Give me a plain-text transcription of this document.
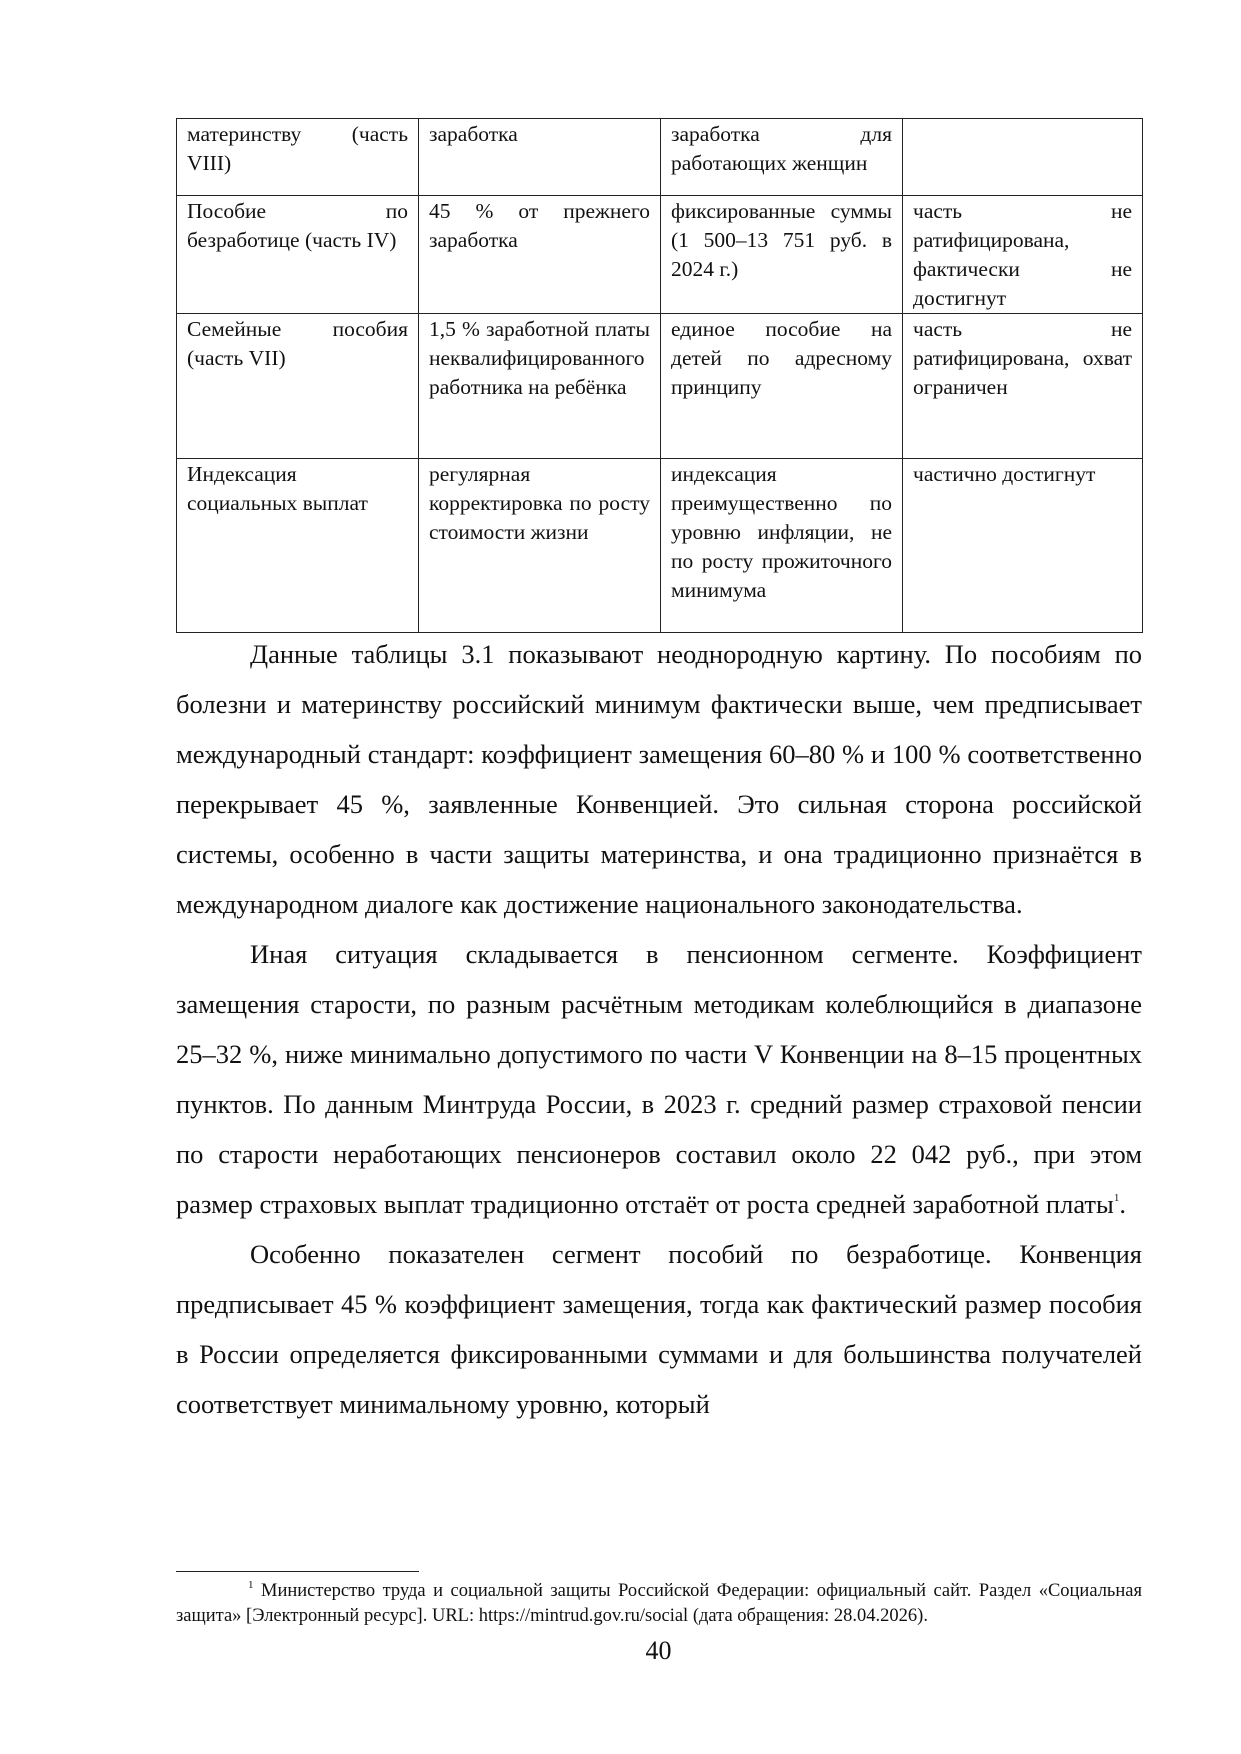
материнству (часть VIII)	заработка	заработка для работающих женщин	
Пособие по безработице (часть IV)	45 % от прежнего заработка	фиксированные суммы (1 500–13 751 руб. в 2024 г.)	часть не ратифицирована, фактически не достигнут
Семейные пособия (часть VII)	1,5 % заработной платы неквалифицированного работника на ребёнка	единое пособие на детей по адресному принципу	часть не ратифицирована, охват ограничен
Индексация социальных выплат	регулярная корректировка по росту стоимости жизни	индексация преимущественно по уровню инфляции, не по росту прожиточного минимума	частично достигнут

Данные таблицы 3.1 показывают неоднородную картину. По пособиям по болезни и материнству российский минимум фактически выше, чем предписывает международный стандарт: коэффициент замещения 60–80 % и 100 % соответственно перекрывает 45 %, заявленные Конвенцией. Это сильная сторона российской системы, особенно в части защиты материнства, и она традиционно признаётся в международном диалоге как достижение национального законодательства.

Иная ситуация складывается в пенсионном сегменте. Коэффициент замещения старости, по разным расчётным методикам колеблющийся в диапазоне 25–32 %, ниже минимально допустимого по части V Конвенции на 8–15 процентных пунктов. По данным Минтруда России, в 2023 г. средний размер страховой пенсии по старости неработающих пенсионеров составил около 22 042 руб., при этом размер страховых выплат традиционно отстаёт от роста средней заработной платы$^1$.

Особенно показателен сегмент пособий по безработице. Конвенция предписывает 45 % коэффициент замещения, тогда как фактический размер пособия в России определяется фиксированными суммами и для большинства получателей соответствует минимальному уровню, который

$^1$ Министерство труда и социальной защиты Российской Федерации: официальный сайт. Раздел «Социальная защита» [Электронный ресурс]. URL: https://mintrud.gov.ru/social (дата обращения: 28.04.2026).
40
